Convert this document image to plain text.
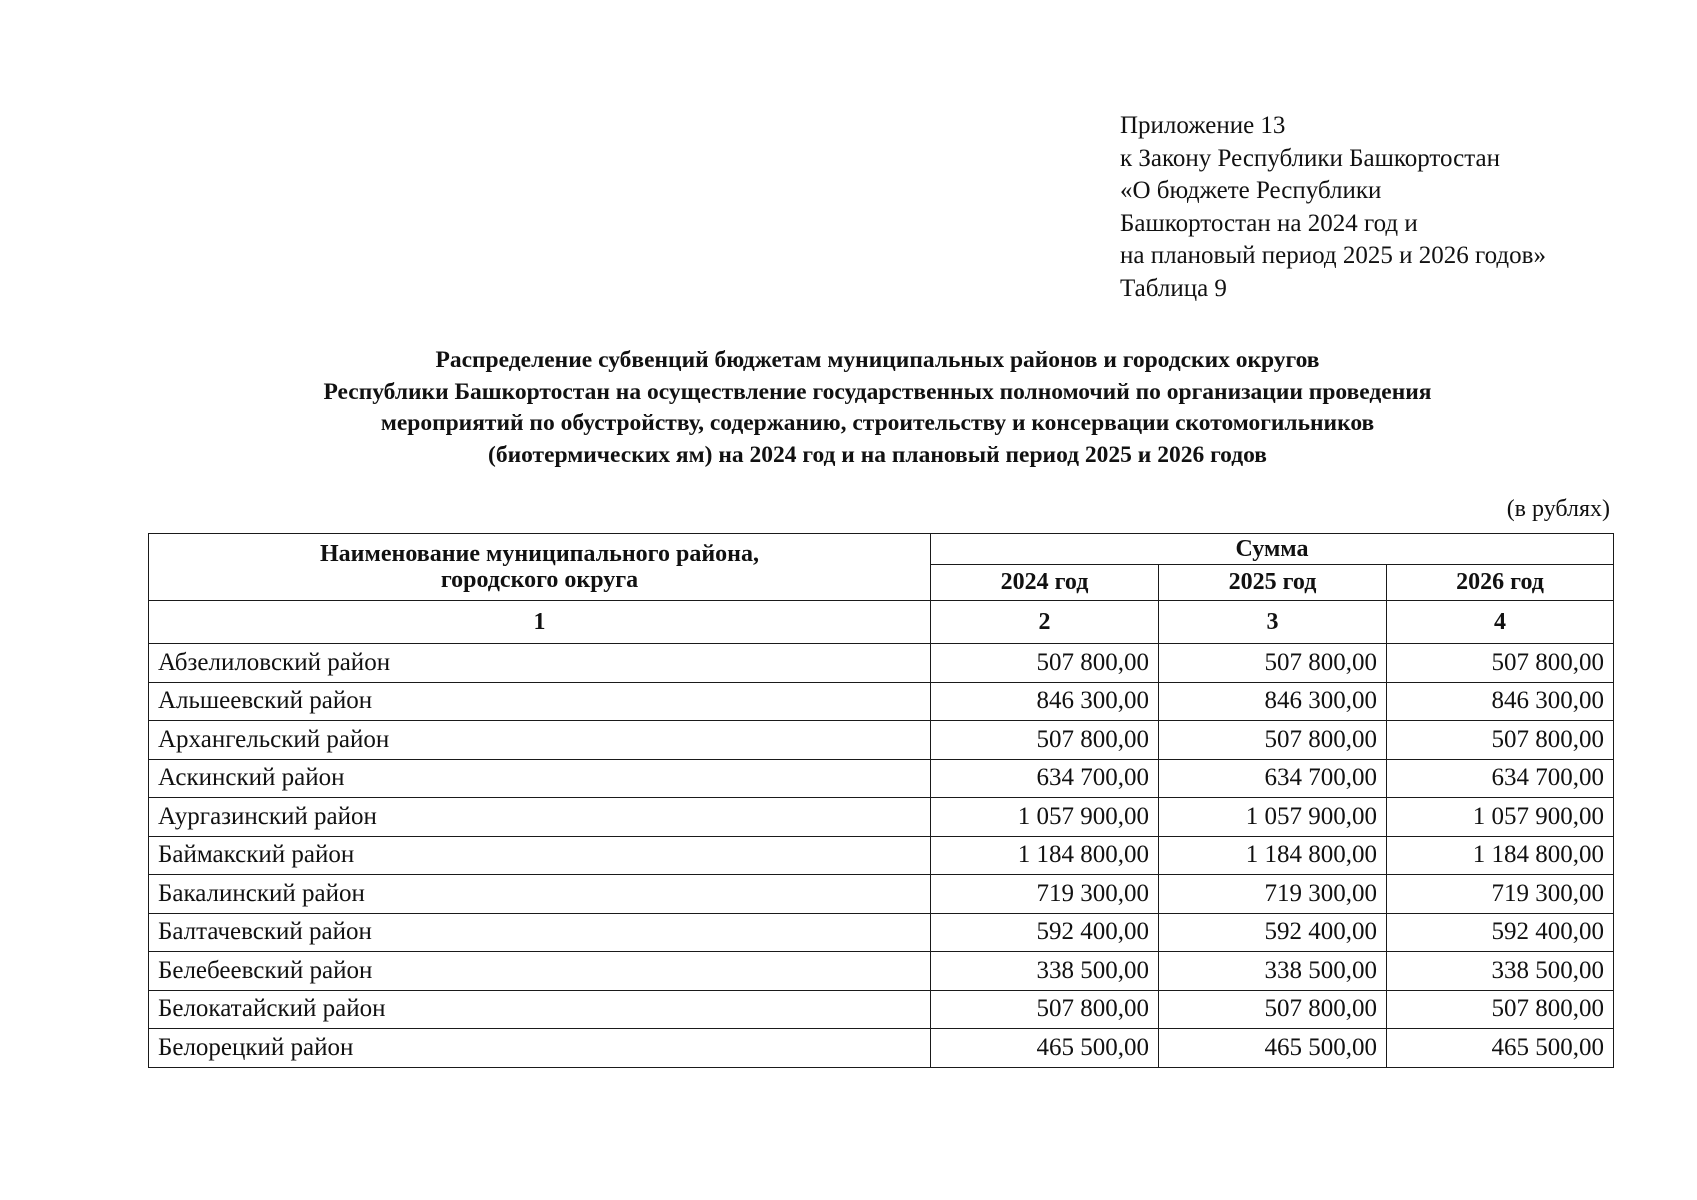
Приложение 13
к Закону Республики Башкортостан
«О бюджете Республики
Башкортостан на 2024 год и
на плановый период 2025 и 2026 годов»
Таблица 9
Распределение субвенций бюджетам муниципальных районов и городских округов
Республики Башкортостан на осуществление государственных полномочий по организации проведения
мероприятий по обустройству, содержанию, строительству и консервации скотомогильников
(биотермических ям) на 2024 год и на плановый период 2025 и 2026 годов
(в рублях)
Наименование муниципального района,
городского округа	Сумма		
	2024 год	2025 год	2026 год
1	2	3	4
Абзелиловский район	507 800,00	507 800,00	507 800,00
Альшеевский район	846 300,00	846 300,00	846 300,00
Архангельский район	507 800,00	507 800,00	507 800,00
Аскинский район	634 700,00	634 700,00	634 700,00
Аургазинский район	1 057 900,00	1 057 900,00	1 057 900,00
Баймакский район	1 184 800,00	1 184 800,00	1 184 800,00
Бакалинский район	719 300,00	719 300,00	719 300,00
Балтачевский район	592 400,00	592 400,00	592 400,00
Белебеевский район	338 500,00	338 500,00	338 500,00
Белокатайский район	507 800,00	507 800,00	507 800,00
Белорецкий район	465 500,00	465 500,00	465 500,00
